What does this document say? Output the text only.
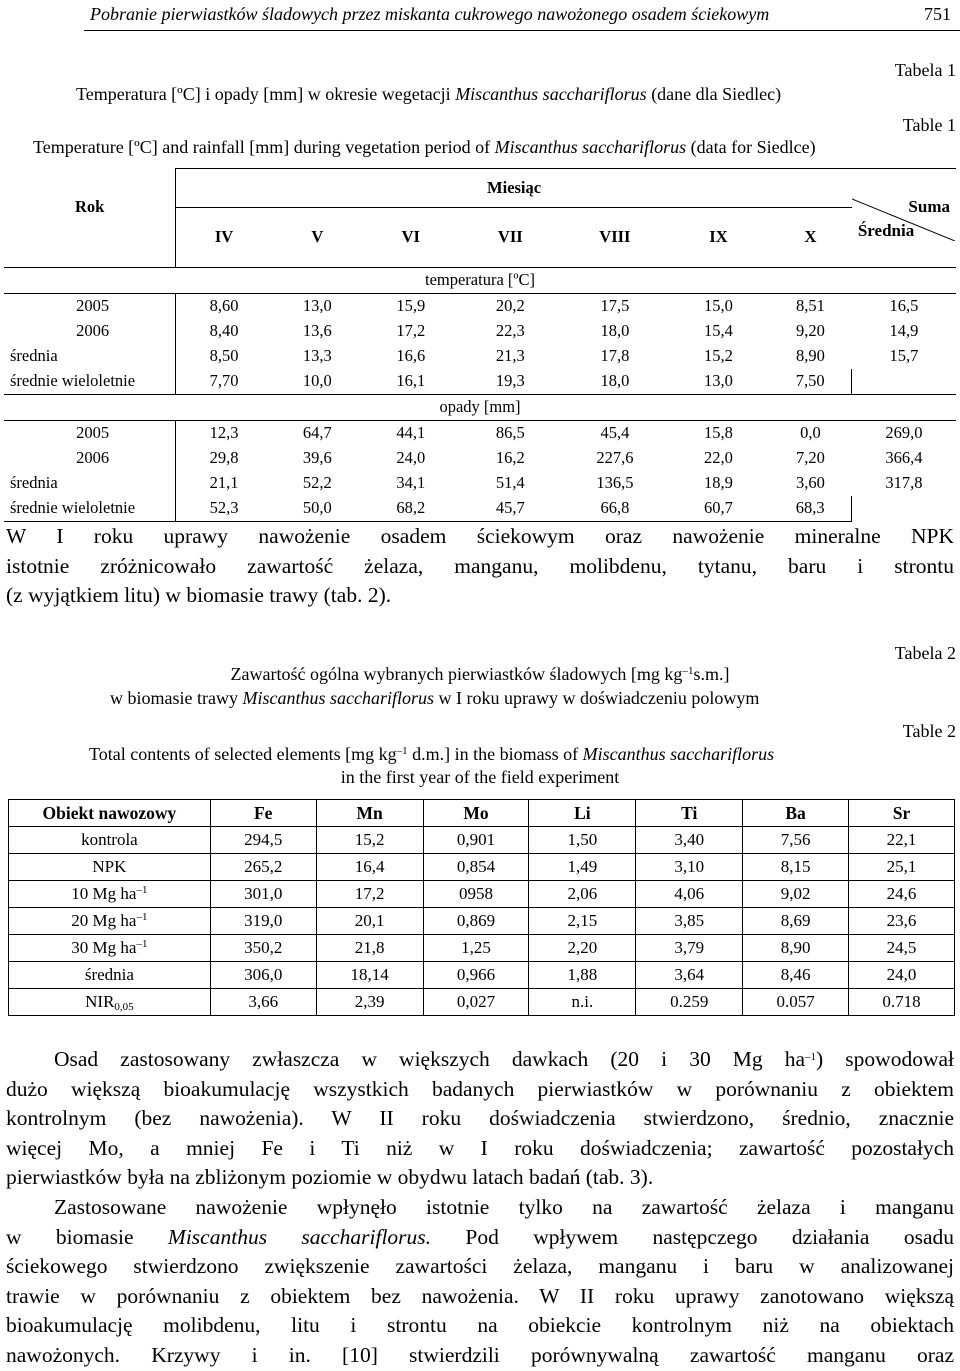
Pobranie pierwiastków śladowych przez miskanta cukrowego nawożonego osadem ściekowym	751
Tabela 1
Temperatura [ºC] i opady [mm] w okresie wegetacji Miscanthus sacchariflorus (dane dla Siedlec)
Table 1
Temperature [ºC] and rainfall [mm] during vegetation period of Miscanthus sacchariflorus (data for Siedlce)
Rok	Miesiąc							Suma
Średnia

	IV	V	VI	VII	VIII	IX	X	
temperatura [ºC]								
2005	8,60	13,0	15,9	20,2	17,5	15,0	8,51	16,5
2006	8,40	13,6	17,2	22,3	18,0	15,4	9,20	14,9
średnia	8,50	13,3	16,6	21,3	17,8	15,2	8,90	15,7
średnie wieloletnie	7,70	10,0	16,1	19,3	18,0	13,0	7,50	
opady [mm]								
2005	12,3	64,7	44,1	86,5	45,4	15,8	0,0	269,0
2006	29,8	39,6	24,0	16,2	227,6	22,0	7,20	366,4
średnia	21,1	52,2	34,1	51,4	136,5	18,9	3,60	317,8
średnie wieloletnie	52,3	50,0	68,2	45,7	66,8	60,7	68,3	
W I roku uprawy nawożenie osadem ściekowym oraz nawożenie mineralne NPK
istotnie zróżnicowało zawartość żelaza, manganu, molibdenu, tytanu, baru i strontu
(z wyjątkiem litu) w biomasie trawy (tab. 2).
Tabela 2
Zawartość ogólna wybranych pierwiastków śladowych [mg $kg^{-1}s.m$.]
w biomasie trawy Miscanthus sacchariflorus w I roku uprawy w doświadczeniu polowym
Table 2
Total contents of selected elements [mg $kg^{-1}$ d.m.] in the biomass of Miscanthus sacchariflorus
in the first year of the field experiment
Obiekt nawozowy	Fe	Mn	Mo	Li	Ti	Ba	Sr
kontrola	294,5	15,2	0,901	1,50	3,40	7,56	22,1
NPK	265,2	16,4	0,854	1,49	3,10	8,15	25,1
10 Mg $ha^{-1}$	301,0	17,2	0958	2,06	4,06	9,02	24,6
20 Mg $ha^{-1}$	319,0	20,1	0,869	2,15	3,85	8,69	23,6
30 Mg $ha^{-1}$	350,2	21,8	1,25	2,20	3,79	8,90	24,5
średnia	306,0	18,14	0,966	1,88	3,64	8,46	24,0
$NIR_{0,05}$	3,66	2,39	0,027	n.i.	0.259	0.057	0.718
Osad zastosowany zwłaszcza w większych dawkach (20 i 30 Mg $ha^{-1}$) spowodował
dużo większą bioakumulację wszystkich badanych pierwiastków w porównaniu z obiektem
kontrolnym (bez nawożenia). W II roku doświadczenia stwierdzono, średnio, znacznie
więcej Mo, a mniej Fe i Ti niż w I roku doświadczenia; zawartość pozostałych
pierwiastków była na zbliżonym poziomie w obydwu latach badań (tab. 3).
Zastosowane nawożenie wpłynęło istotnie tylko na zawartość żelaza i manganu
w biomasie Miscanthus sacchariflorus. Pod wpływem następczego działania osadu
ściekowego stwierdzono zwiększenie zawartości żelaza, manganu i baru w analizowanej
trawie w porównaniu z obiektem bez nawożenia. W II roku uprawy zanotowano większą
bioakumulację molibdenu, litu i strontu na obiekcie kontrolnym niż na obiektach
nawożonych. Krzywy i in. [10] stwierdzili porównywalną zawartość manganu oraz
